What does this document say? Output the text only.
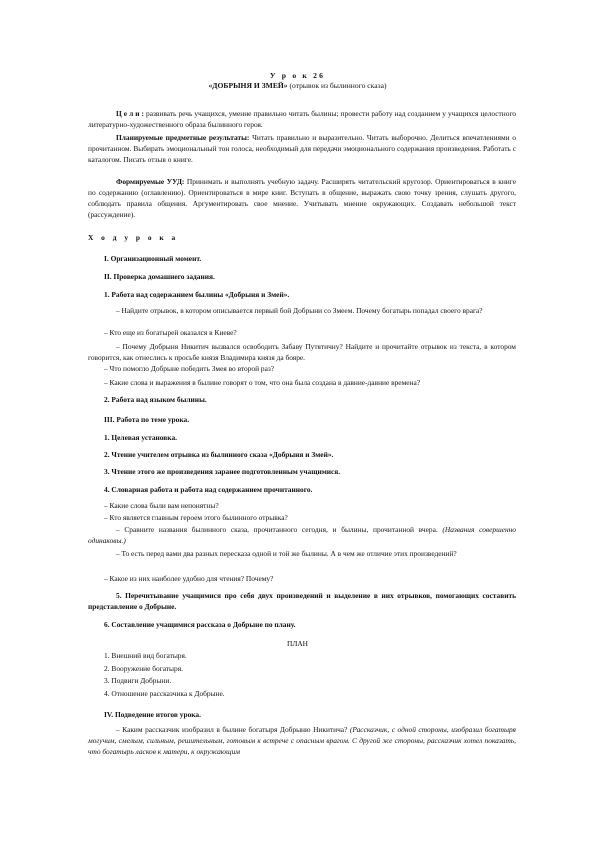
У р о к 26
«ДОБРЫНЯ И ЗМЕЙ» (отрывок из былинного сказа)

Ц е л и : развивать речь учащихся, умение правильно читать былины; провести работу над созданием у учащихся целостного литературно-художественного образа былинного героя.

Планируемые предметные результаты: Читать правильно и выразительно. Читать выборочно. Делиться впечатлениями о прочитанном. Выбирать эмоциональный тон голоса, необходимый для передачи эмоционального содержания произведения. Работать с каталогом. Писать отзыв о книге.

Формируемые УУД: Принимать и выполнять учебную задачу. Расширять читательский кругозор. Ориентироваться в книге по содержанию (оглавлению). Ориентироваться в мире книг. Вступать в общение, выражать свою точку зрения, слушать другого, соблюдать правила общения. Аргументировать свое мнение. Учитывать мнение окружающих. Создавать небольшой текст (рассуждение).

Х о д у р о к а
I. Организационный момент.
II. Проверка домашнего задания.
1. Работа над содержанием былины «Добрыня и Змей».

– Найдите отрывок, в котором описывается первый бой Добрыни со Змеем. Почему богатырь попадал своего врага?

– Кто еще из богатырей оказался в Киеве?

– Почему Добрыня Никитич вызвался освободить Забаву Путятичну? Найдите и прочитайте отрывок из текста, в котором говорится, как отнеслись к просьбе князя Владимира князя да бояре.

– Что помогло Добрыне победить Змея во второй раз?
– Какие слова и выражения в былине говорят о том, что она была создана в давние-давние времена?
2. Работа над языком былины.
III. Работа по теме урока.
1. Целевая установка.
2. Чтение учителем отрывка из былинного сказа «Добрыня и Змей».
3. Чтение этого же произведения заранее подготовленным учащимися.
4. Словарная работа и работа над содержанием прочитанного.
– Какие слова были вам непонятны?
– Кто является главным героем этого былинного отрывка?

– Сравните названия былинного сказа, прочитанного сегодня, и былины, прочитанной вчера. (Названия совершенно одинаковы.)

– То есть перед вами два разных пересказа одной и той же былины. А в чем же отличие этих произведений?

– Какое из них наиболее удобно для чтения? Почему?

5. Перечитывание учащимися про себя двух произведений и выделение в них отрывков, помогающих составить представление о Добрыне.

6. Составление учащимися рассказа о Добрыне по плану.
ПЛАН
1. Внешний вид богатыря.
2. Вооружение богатыря.
3. Подвиги Добрыни.
4. Отношение рассказчика к Добрыне.
IV. Подведение итогов урока.

– Каким рассказчик изобразил в былине богатыря Добрыню Никитича? (Рассказчик, с одной стороны, изобразил богатыря могучим, смелым, сильным, решительным, готовым к встрече с опасным врагом. С другой же стороны, рассказчик хотел показать, что богатырь ласков к матери, к окружающим
